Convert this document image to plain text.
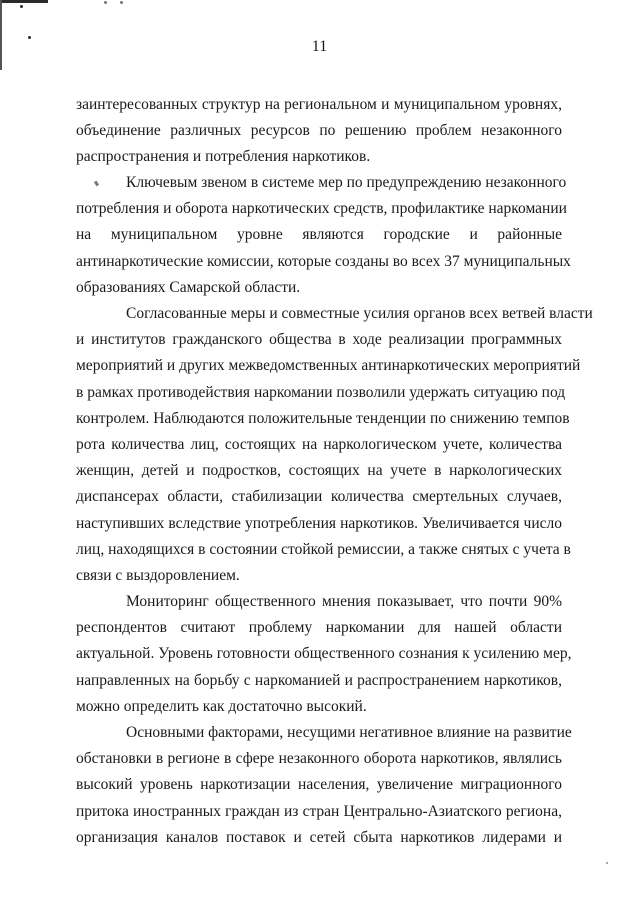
11
заинтересованных структур на региональном и муниципальном уровнях,
объединение различных ресурсов по решению проблем незаконного
распространения и потребления наркотиков.
Ключевым звеном в системе мер по предупреждению незаконного
потребления и оборота наркотических средств, профилактике наркомании
на муниципальном уровне являются городские и районные
антинаркотические комиссии, которые созданы во всех 37 муниципальных
образованиях Самарской области.
Согласованные меры и совместные усилия органов всех ветвей власти
и институтов гражданского общества в ходе реализации программных
мероприятий и других межведомственных антинаркотических мероприятий
в рамках противодействия наркомании позволили удержать ситуацию под
контролем. Наблюдаются положительные тенденции по снижению темпов
рота количества лиц, состоящих на наркологическом учете, количества
женщин, детей и подростков, состоящих на учете в наркологических
диспансерах области, стабилизации количества смертельных случаев,
наступивших вследствие употребления наркотиков. Увеличивается число
лиц, находящихся в состоянии стойкой ремиссии, а также снятых с учета в
связи с выздоровлением.
Мониторинг общественного мнения показывает, что почти 90%
респондентов считают проблему наркомании для нашей области
актуальной. Уровень готовности общественного сознания к усилению мер,
направленных на борьбу с наркоманией и распространением наркотиков,
можно определить как достаточно высокий.
Основными факторами, несущими негативное влияние на развитие
обстановки в регионе в сфере незаконного оборота наркотиков, являлись
высокий уровень наркотизации населения, увеличение миграционного
притока иностранных граждан из стран Центрально-Азиатского региона,
организация каналов поставок и сетей сбыта наркотиков лидерами и
